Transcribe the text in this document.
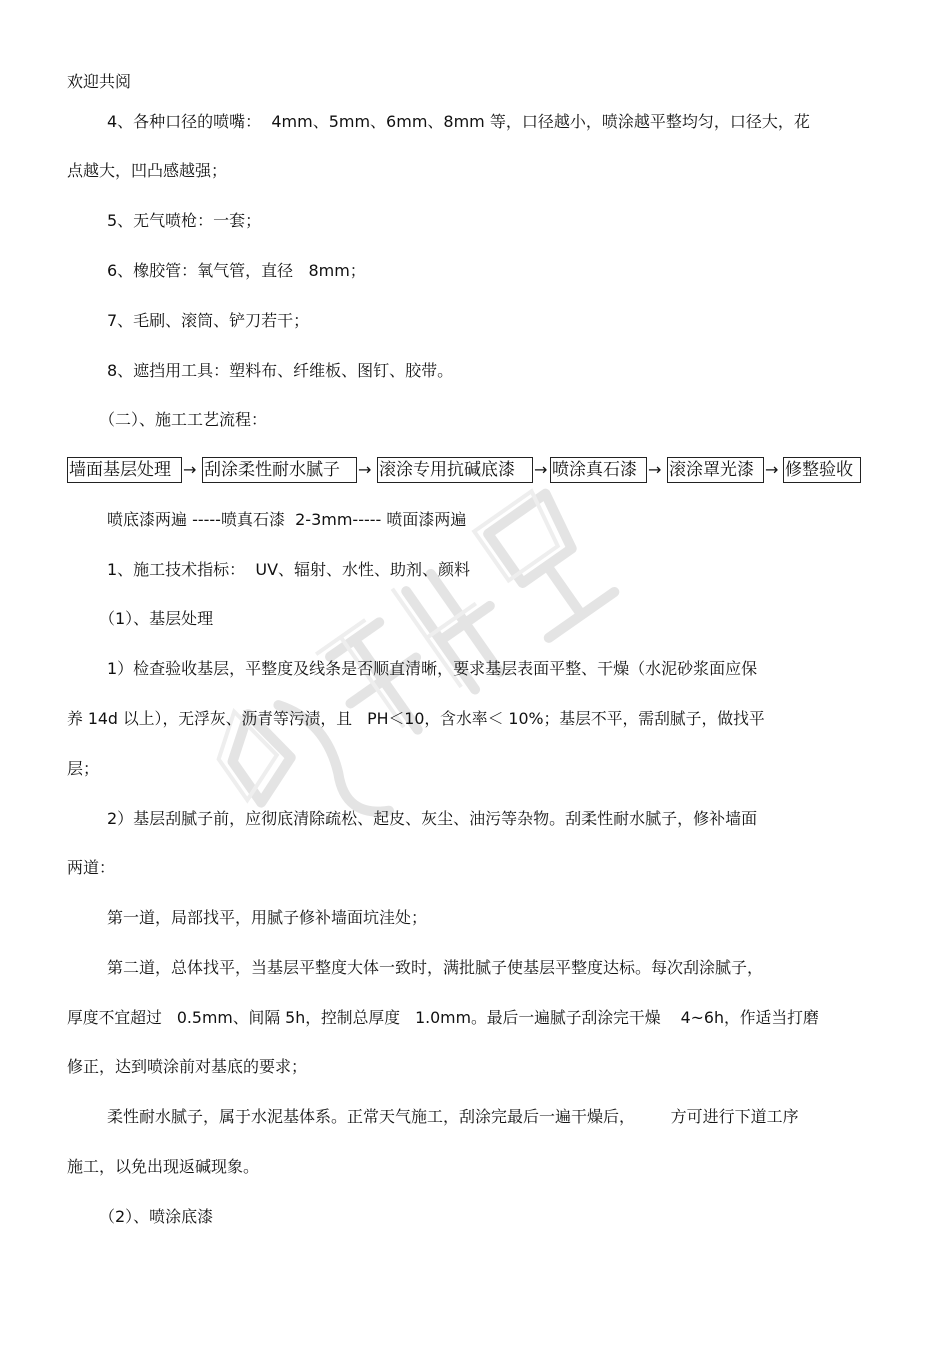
欢迎共阅
4、各种口径的喷嘴：  4mm、5mm、6mm、8mm 等，口径越小，喷涂越平整均匀，口径大，花
点越大，凹凸感越强；
5、无气喷枪：一套；
6、橡胶管：氧气管，直径   8mm；
7、毛刷、滚筒、铲刀若干；
8、遮挡用工具：塑料布、纤维板、图钉、胶带。
（二）、施工工艺流程：
墙面基层处理 → 刮涂柔性耐水腻子	→ 滚涂专用抗碱底漆	→ 喷涂真石漆 → 滚涂罩光漆 → 修整验收
喷底漆两遍 -----喷真石漆  2-3mm----- 喷面漆两遍
1、施工技术指标：  UV、辐射、水性、助剂、颜料
（1）、基层处理
1）检查验收基层，平整度及线条是否顺直清晰，要求基层表面平整、干燥（水泥砂浆面应保
养 14d 以上），无浮灰、沥青等污渍，且   PH＜10，含水率＜ 10%；基层不平，需刮腻子，做找平
层；
2）基层刮腻子前，应彻底清除疏松、起皮、灰尘、油污等杂物。刮柔性耐水腻子，修补墙面
两道：
第一道，局部找平，用腻子修补墙面坑洼处；
第二道，总体找平，当基层平整度大体一致时，满批腻子使基层平整度达标。每次刮涂腻子，
厚度不宜超过   0.5mm、间隔 5h，控制总厚度   1.0mm。最后一遍腻子刮涂完干燥    4~6h，作适当打磨
修正，达到喷涂前对基底的要求；
柔性耐水腻子，属于水泥基体系。正常天气施工，刮涂完最后一遍干燥后，       方可进行下道工序
施工，以免出现返碱现象。
（2）、喷涂底漆
